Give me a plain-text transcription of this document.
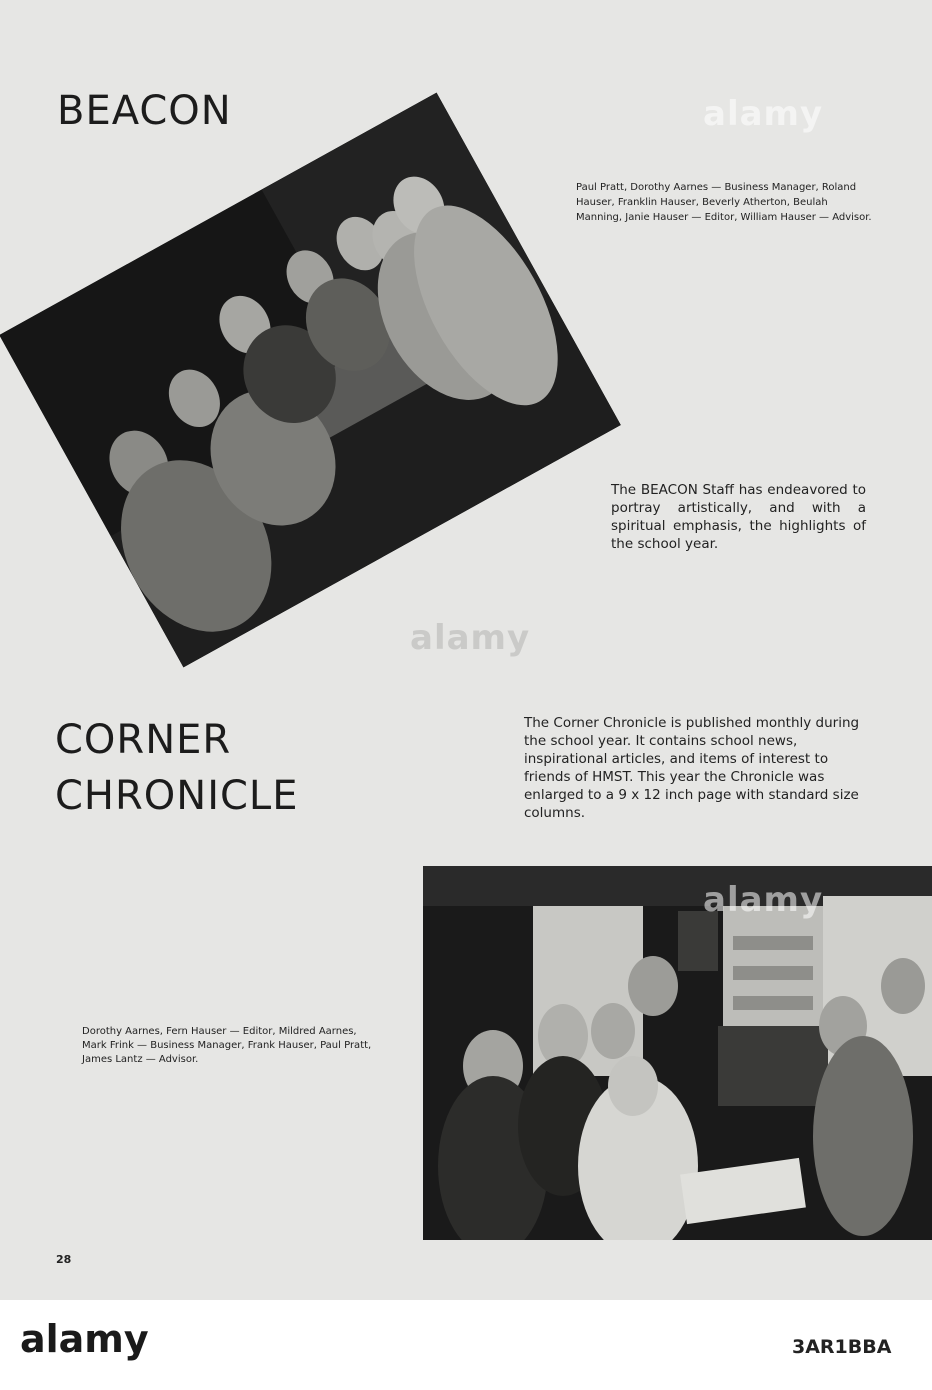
BEACON

Paul Pratt, Dorothy Aarnes — Business Manager, Roland Hauser, Franklin Hauser, Beverly Atherton, Beulah Manning, Janie Hauser — Editor, William Hauser — Advisor.

The BEACON Staff has endeavored to portray artistically, and with a spiritual emphasis, the highlights of the school year.

CORNER
CHRONICLE

The Corner Chronicle is published monthly during the school year. It contains school news, inspirational articles, and items of interest to friends of HMST. This year the Chronicle was enlarged to a 9 x 12 inch page with standard size columns.

Dorothy Aarnes, Fern Hauser — Editor, Mildred Aarnes, Mark Frink — Business Manager, Frank Hauser, Paul Pratt, James Lantz — Advisor.

28
alamy
alamy
alamy
alamy	3AR1BBA
